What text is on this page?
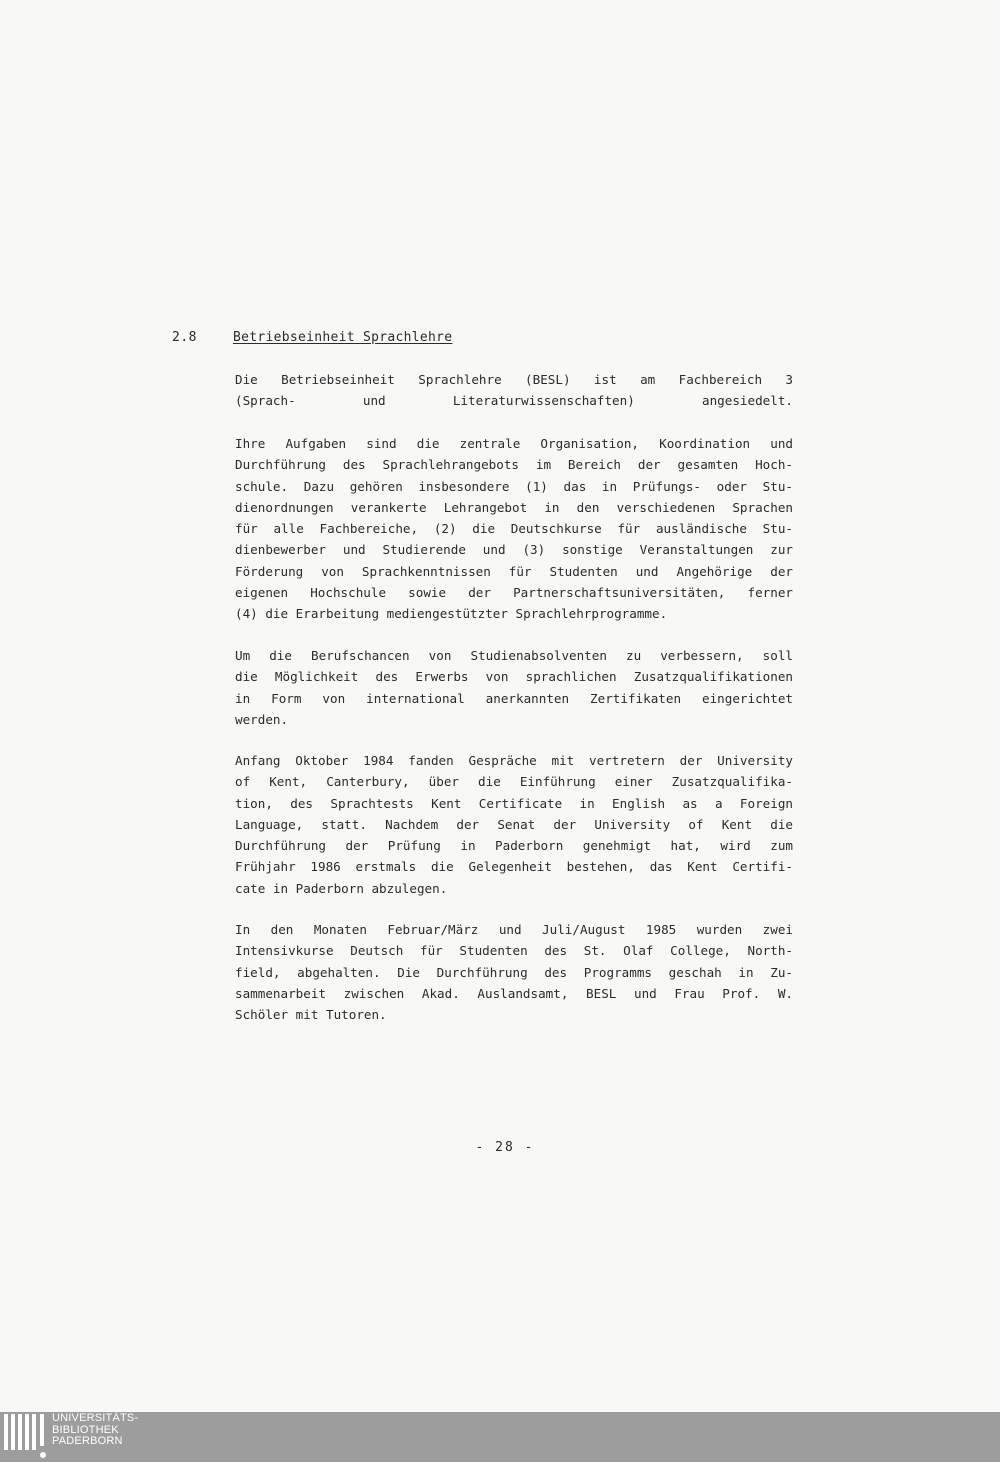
2.8	Betriebseinheit Sprachlehre
Die Betriebseinheit Sprachlehre (BESL) ist am Fachbereich 3
(Sprach- und Literaturwissenschaften) angesiedelt.
Ihre Aufgaben sind die zentrale Organisation, Koordination und
Durchführung des Sprachlehrangebots im Bereich der gesamten Hoch-
schule. Dazu gehören insbesondere (1) das in Prüfungs- oder Stu-
dienordnungen verankerte Lehrangebot in den verschiedenen Sprachen
für alle Fachbereiche, (2) die Deutschkurse für ausländische Stu-
dienbewerber und Studierende und (3) sonstige Veranstaltungen zur
Förderung von Sprachkenntnissen für Studenten und Angehörige der
eigenen Hochschule sowie der Partnerschaftsuniversitäten, ferner
(4) die Erarbeitung mediengestützter Sprachlehrprogramme.
Um die Berufschancen von Studienabsolventen zu verbessern, soll
die Möglichkeit des Erwerbs von sprachlichen Zusatzqualifikationen
in Form von international anerkannten Zertifikaten eingerichtet
werden.
Anfang Oktober 1984 fanden Gespräche mit vertretern der University
of Kent, Canterbury, über die Einführung einer Zusatzqualifika-
tion, des Sprachtests Kent Certificate in English as a Foreign
Language, statt. Nachdem der Senat der University of Kent die
Durchführung der Prüfung in Paderborn genehmigt hat, wird zum
Frühjahr 1986 erstmals die Gelegenheit bestehen, das Kent Certifi-
cate in Paderborn abzulegen.
In den Monaten Februar/März und Juli/August 1985 wurden zwei
Intensivkurse Deutsch für Studenten des St. Olaf College, North-
field, abgehalten. Die Durchführung des Programms geschah in Zu-
sammenarbeit zwischen Akad. Auslandsamt, BESL und Frau Prof. W.
Schöler mit Tutoren.
- 28 -
UNIVERSITÄTS-
BIBLIOTHEK
PADERBORN
